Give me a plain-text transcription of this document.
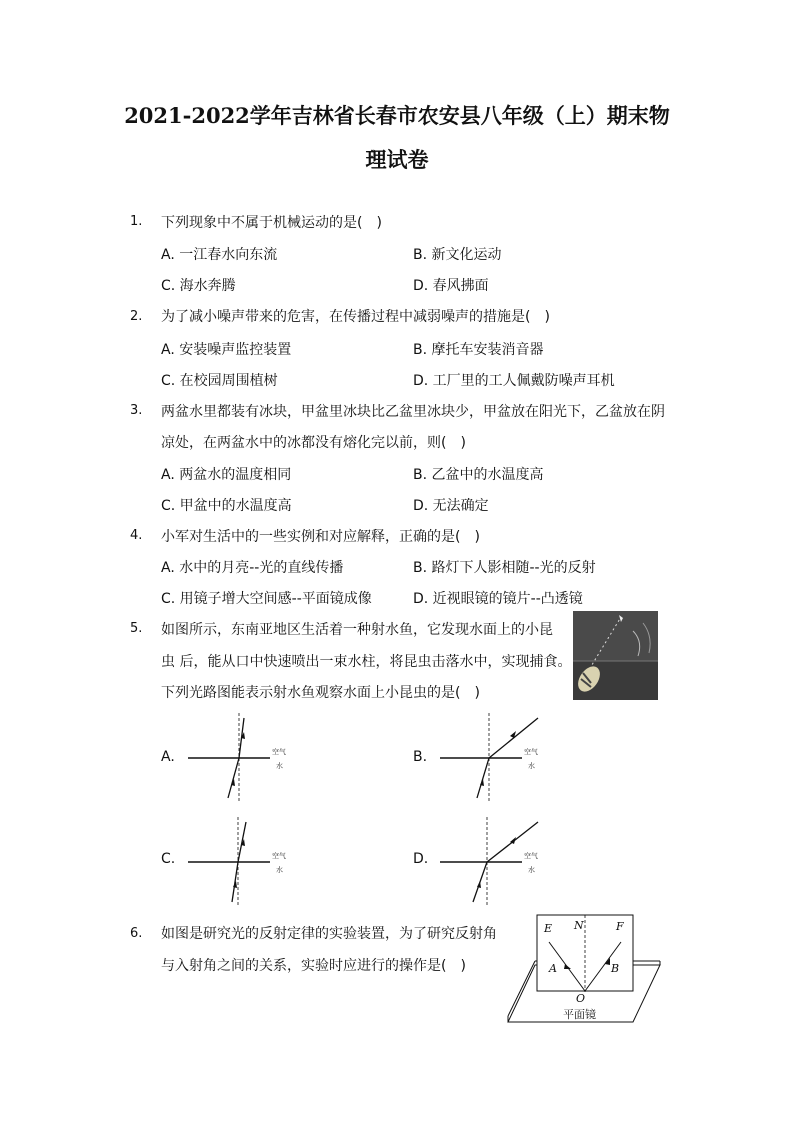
2021-2022学年吉林省长春市农安县八年级（上）期末物
理试卷
1. 下列现象中不属于机械运动的是(　)
A. 一江春水向东流	B. 新文化运动
C. 海水奔腾	D. 春风拂面
2. 为了减小噪声带来的危害，在传播过程中减弱噪声的措施是(　)
A. 安装噪声监控装置	B. 摩托车安装消音器
C. 在校园周围植树	D. 工厂里的工人佩戴防噪声耳机
3. 两盆水里都装有冰块，甲盆里冰块比乙盆里冰块少，甲盆放在阳光下，乙盆放在阴
凉处，在两盆水中的冰都没有熔化完以前，则(　)
A. 两盆水的温度相同	B. 乙盆中的水温度高
C. 甲盆中的水温度高	D. 无法确定
4. 小军对生活中的一些实例和对应解释，正确的是(　)
A. 水中的月亮--光的直线传播	B. 路灯下人影相随--光的反射
C. 用镜子增大空间感--平面镜成像	D. 近视眼镜的镜片--凸透镜
5. 如图所示，东南亚地区生活着一种射水鱼，它发现水面上的小昆
虫 后，能从口中快速喷出一束水柱，将昆虫击落水中，实现捕食。
下列光路图能表示射水鱼观察水面上小昆虫的是(　)
A.	空气
水
B.	空气
水
C.	空气
水
D.	空气
水
6. 如图是研究光的反射定律的实验装置，为了研究反射角
与入射角之间的关系，实验时应进行的操作是(　)
E N	F
A	B
O
平面镜
